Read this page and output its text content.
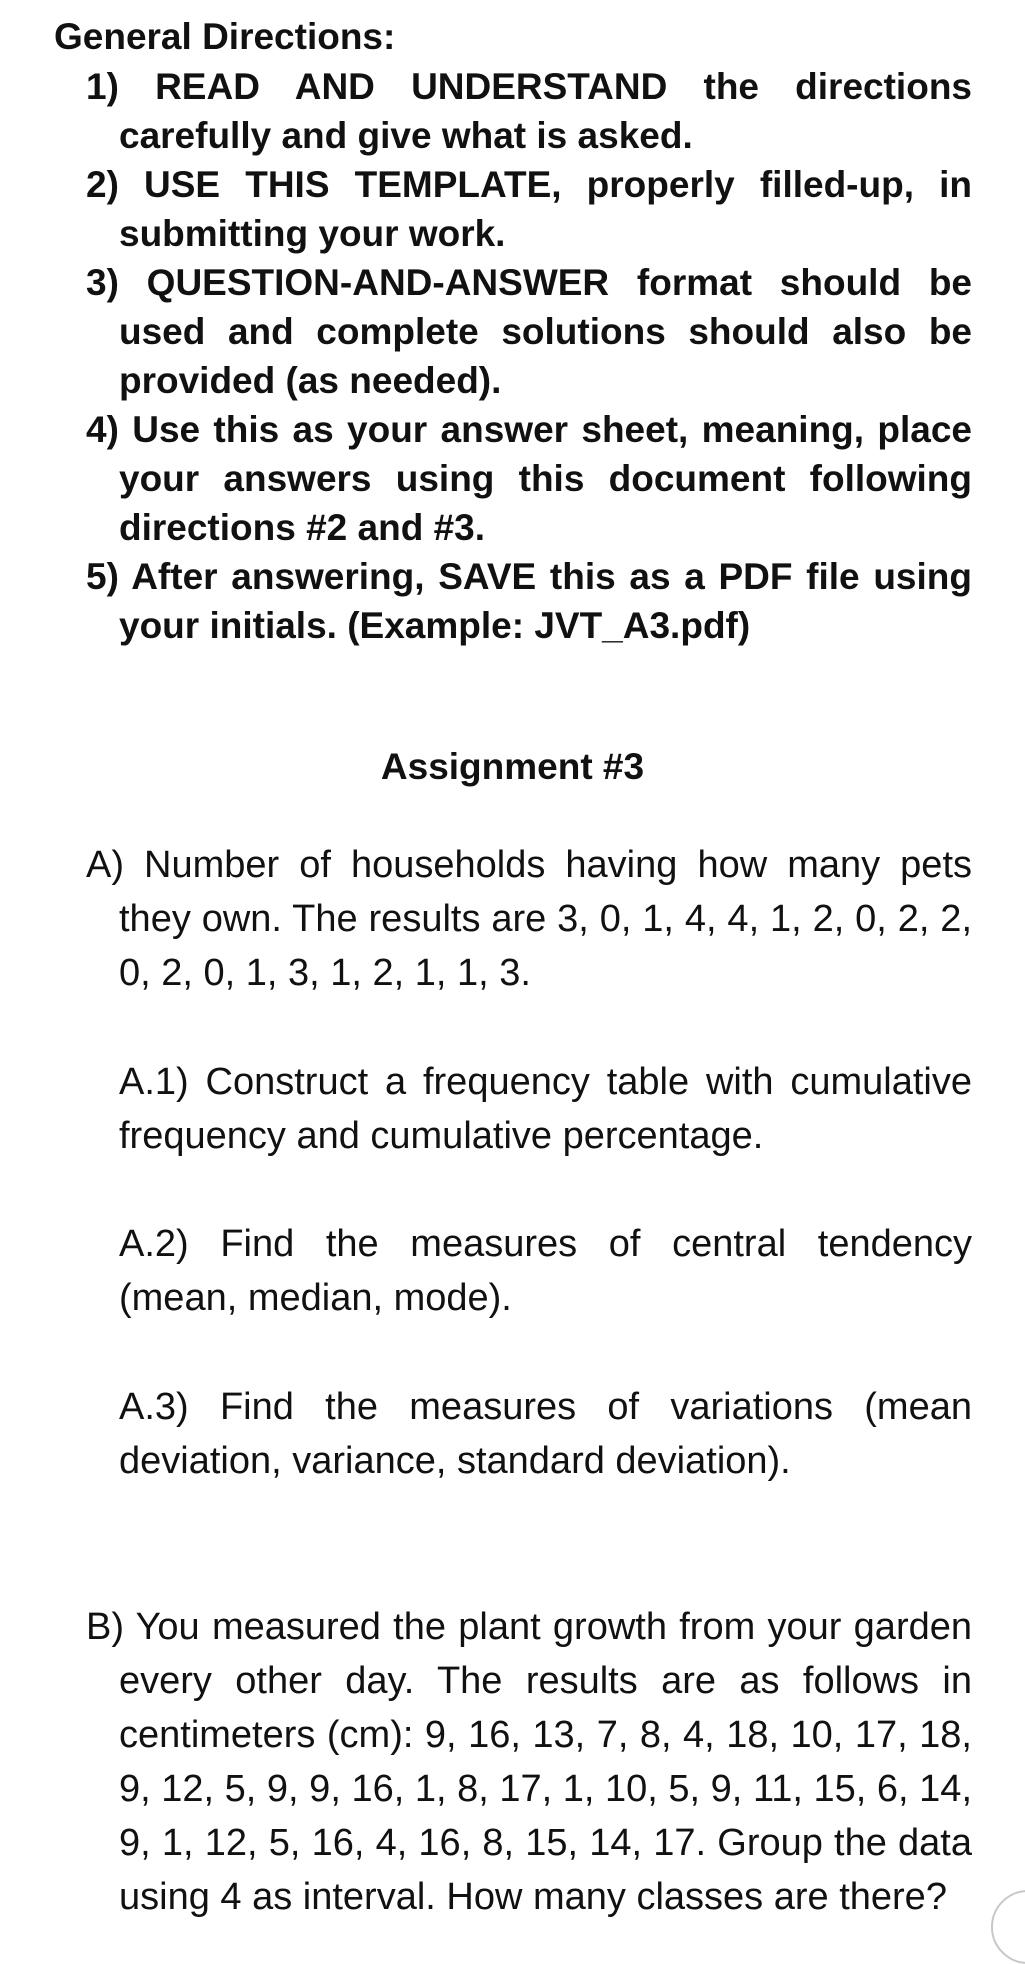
General Directions:
1) READ AND UNDERSTAND the directions carefully and give what is asked.
2) USE THIS TEMPLATE, properly filled-up, in submitting your work.
3) QUESTION-AND-ANSWER format should be used and complete solutions should also be provided (as needed).
4) Use this as your answer sheet, meaning, place your answers using this document following directions #2 and #3.
5) After answering, SAVE this as a PDF file using your initials. (Example: JVT_A3.pdf)
Assignment #3

A) Number of households having how many pets they own. The results are 3, 0, 1, 4, 4, 1, 2, 0, 2, 2, 0, 2, 0, 1, 3, 1, 2, 1, 1, 3.

A.1) Construct a frequency table with cumulative frequency and cumulative percentage.

A.2) Find the measures of central tendency (mean, median, mode).

A.3) Find the measures of variations (mean deviation, variance, standard deviation).

B) You measured the plant growth from your garden every other day. The results are as follows in centimeters (cm): 9, 16, 13, 7, 8, 4, 18, 10, 17, 18, 9, 12, 5, 9, 9, 16, 1, 8, 17, 1, 10, 5, 9, 11, 15, 6, 14, 9, 1, 12, 5, 16, 4, 16, 8, 15, 14, 17. Group the data using 4 as interval. How many classes are there?
